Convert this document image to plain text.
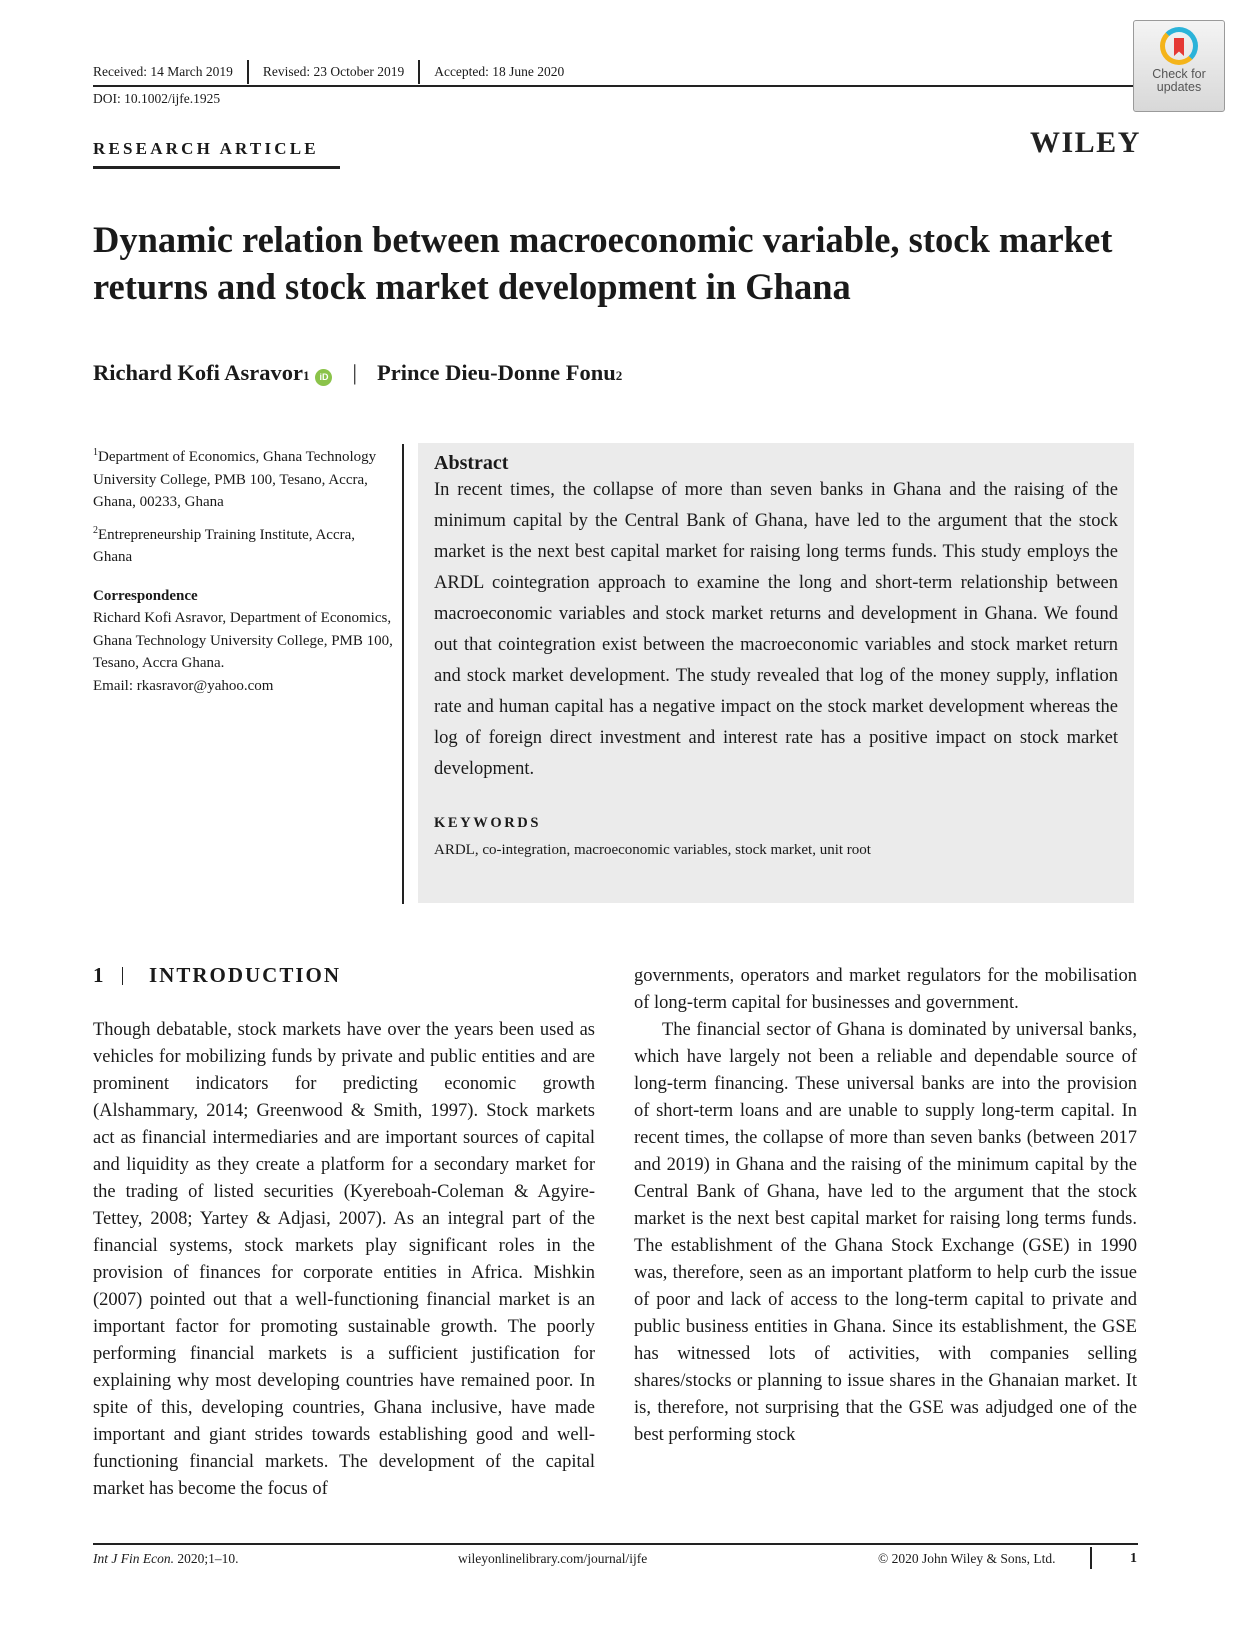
Received: 14 March 2019 Revised: 23 October 2019 Accepted: 18 June 2020
DOI: 10.1002/ijfe.1925
Check for
updates
WILEY
RESEARCH ARTICLE
Dynamic relation between macroeconomic variable, stock market returns and stock market development in Ghana
Richard Kofi Asravor 1	iD | Prince Dieu-Donne Fonu 2

$^1$Department of Economics, Ghana Technology University College, PMB 100, Tesano, Accra, Ghana, 00233, Ghana

$^2$Entrepreneurship Training Institute, Accra, Ghana

Correspondence

Richard Kofi Asravor, Department of Economics, Ghana Technology University College, PMB 100, Tesano, Accra Ghana.

Email: rkasravor@yahoo.com

Abstract

In recent times, the collapse of more than seven banks in Ghana and the raising of the minimum capital by the Central Bank of Ghana, have led to the argument that the stock market is the next best capital market for raising long terms funds. This study employs the ARDL cointegration approach to examine the long and short-term relationship between macroeconomic variables and stock market returns and development in Ghana. We found out that cointegration exist between the macroeconomic variables and stock market return and stock market development. The study revealed that log of the money supply, inflation rate and human capital has a negative impact on the stock market development whereas the log of foreign direct investment and interest rate has a positive impact on stock market development.

KEYWORDS
ARDL, co-integration, macroeconomic variables, stock market, unit root
1 INTRODUCTION

Though debatable, stock markets have over the years been used as vehicles for mobilizing funds by private and public entities and are prominent indicators for predicting economic growth (Alshammary, 2014; Greenwood & Smith, 1997). Stock markets act as financial intermediaries and are important sources of capital and liquidity as they create a platform for a secondary market for the trading of listed securities (Kyereboah-Coleman & Agyire-Tettey, 2008; Yartey & Adjasi, 2007). As an integral part of the financial systems, stock markets play significant roles in the provision of finances for corporate entities in Africa. Mishkin (2007) pointed out that a well-functioning financial market is an important factor for promoting sustainable growth. The poorly performing financial markets is a sufficient justification for explaining why most developing countries have remained poor. In spite of this, developing countries, Ghana inclusive, have made important and giant strides towards establishing good and well-functioning financial markets. The development of the capital market has become the focus of

governments, operators and market regulators for the mobilisation of long-term capital for businesses and government.

The financial sector of Ghana is dominated by universal banks, which have largely not been a reliable and dependable source of long-term financing. These universal banks are into the provision of short-term loans and are unable to supply long-term capital. In recent times, the collapse of more than seven banks (between 2017 and 2019) in Ghana and the raising of the minimum capital by the Central Bank of Ghana, have led to the argument that the stock market is the next best capital market for raising long terms funds. The establishment of the Ghana Stock Exchange (GSE) in 1990 was, therefore, seen as an important platform to help curb the issue of poor and lack of access to the long-term capital to private and public business entities in Ghana. Since its establishment, the GSE has witnessed lots of activities, with companies selling shares/stocks or planning to issue shares in the Ghanaian market. It is, therefore, not surprising that the GSE was adjudged one of the best performing stock

Int J Fin Econ. 2020;1–10.	wileyonlinelibrary.com/journal/ijfe	© 2020 John Wiley & Sons, Ltd.	1
